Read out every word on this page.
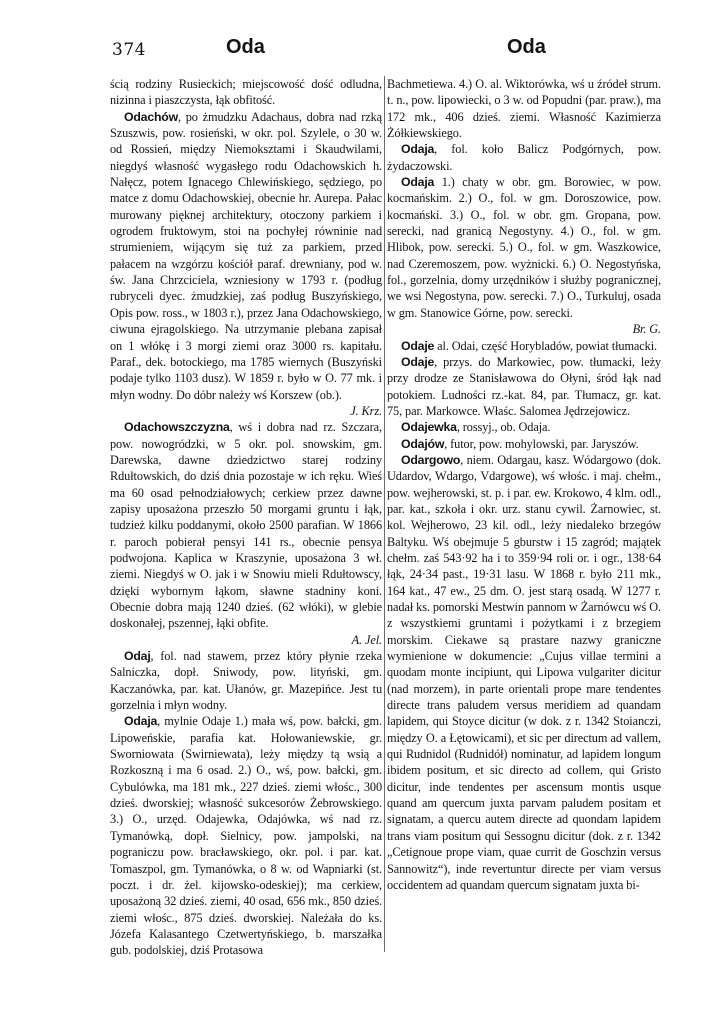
374	Oda	Oda

ścią rodziny Rusieckich; miejscowość dość odludna, nizinna i piaszczysta, łąk obfitość.

Odachów, po żmudzku Adachaus, dobra nad rzką Szuszwis, pow. rosieński, w okr. pol. Szylele, o 30 w. od Rossień, między Niemoksztami i Skaudwilami, niegdyś własność wygasłego rodu Odachowskich h. Nałęcz, potem Ignacego Chlewińskiego, sędziego, po matce z domu Odachowskiej, obecnie hr. Aurepa. Pałac murowany pięknej architektury, otoczony parkiem i ogrodem fruktowym, stoi na pochyłej równinie nad strumieniem, wijącym się tuż za parkiem, przed pałacem na wzgórzu kościół paraf. drewniany, pod w. św. Jana Chrzciciela, wzniesiony w 1793 r. (podług rubryceli dyec. żmudzkiej, zaś podług Buszyńskiego, Opis pow. ross., w 1803 r.), przez Jana Odachowskiego, ciwuna ejragolskiego. Na utrzymanie plebana zapisał on 1 włókę i 3 morgi ziemi oraz 3000 rs. kapitału. Paraf., dek. botockiego, ma 1785 wiernych (Buszyński podaje tylko 1103 dusz). W 1859 r. było w O. 77 mk. i młyn wodny. Do dóbr należy wś Korszew (ob.).

J. Krz.

Odachowszczyzna, wś i dobra nad rz. Szczara, pow. nowogródzki, w 5 okr. pol. snowskim, gm. Darewska, dawne dziedzictwo starej rodziny Rdułtowskich, do dziś dnia pozostaje w ich ręku. Wieś ma 60 osad pełnodziałowych; cerkiew przez dawne zapisy uposażona przeszło 50 morgami gruntu i łąk, tudzież kilku poddanymi, około 2500 parafian. W 1866 r. paroch pobierał pensyi 141 rs., obecnie pensya podwojona. Kaplica w Kraszynie, uposażona 3 wł. ziemi. Niegdyś w O. jak i w Snowiu mieli Rdułtowscy, dzięki wybornym łąkom, sławne stadniny koni. Obecnie dobra mają 1240 dzieś. (62 włóki), w glebie doskonałej, pszennej, łąki obfite.

A. Jel.

Odaj, fol. nad stawem, przez który płynie rzeka Salniczka, dopł. Sniwody, pow. lityński, gm. Kaczanówka, par. kat. Ułanów, gr. Mazepińce. Jest tu gorzelnia i młyn wodny.

Odaja, mylnie Odaje 1.) mała wś, pow. bałcki, gm. Lipoweńskie, parafia kat. Hołowaniewskie, gr. Sworniowata (Swirniewata), leży między tą wsią a Rozkoszną i ma 6 osad. 2.) O., wś, pow. bałcki, gm. Cybulówka, ma 181 mk., 227 dzieś. ziemi włośc., 300 dzieś. dworskiej; własność sukcesorów Żebrowskiego. 3.) O., urzęd. Odajewka, Odajówka, wś nad rz. Tymanówką, dopł. Sielnicy, pow. jampolski, na pograniczu pow. bracławskiego, okr. pol. i par. kat. Tomaszpol, gm. Tymanówka, o 8 w. od Wapniarki (st. poczt. i dr. żel. kijowsko-odeskiej); ma cerkiew, uposażoną 32 dzieś. ziemi, 40 osad, 656 mk., 850 dzieś. ziemi włośc., 875 dzieś. dworskiej. Należała do ks. Józefa Kalasantego Czetwertyńskiego, b. marszałka gub. podolskiej, dziś Protasowa

Bachmetiewa. 4.) O. al. Wiktorówka, wś u źródeł strum. t. n., pow. lipowiecki, o 3 w. od Popudni (par. praw.), ma 172 mk., 406 dzieś. ziemi. Własność Kazimierza Żółkiewskiego.

Odaja, fol. koło Balicz Podgórnych, pow. żydaczowski.

Odaja 1.) chaty w obr. gm. Borowiec, w pow. kocmańskim. 2.) O., fol. w gm. Doroszowice, pow. kocmański. 3.) O., fol. w obr. gm. Gropana, pow. serecki, nad granicą Negostyny. 4.) O., fol. w gm. Hlibok, pow. serecki. 5.) O., fol. w gm. Waszkowice, nad Czeremoszem, pow. wyżnicki. 6.) O. Negostyńska, fol., gorzelnia, domy urzędników i służby pogranicznej, we wsi Negostyna, pow. serecki. 7.) O., Turkuluj, osada w gm. Stanowice Górne, pow. serecki.

Br. G.

Odaje al. Odai, część Horybladów, powiat tłumacki.

Odaje, przys. do Markowiec, pow. tłumacki, leży przy drodze ze Stanisławowa do Ołyni, śród łąk nad potokiem. Ludności rz.-kat. 84, par. Tłumacz, gr. kat. 75, par. Markowce. Właśc. Salomea Jędrzejowicz.

Odajewka, rossyj., ob. Odaja.

Odajów, futor, pow. mohylowski, par. Jaryszów.

Odargowo, niem. Odargau, kasz. Wódargowo (dok. Udardov, Wdargo, Vdargowe), wś włośc. i maj. chełm., pow. wejherowski, st. p. i par. ew. Krokowo, 4 klm. odl., par. kat., szkoła i okr. urz. stanu cywil. Żarnowiec, st. kol. Wejherowo, 23 kil. odl., leży niedaleko brzegów Baltyku. Wś obejmuje 5 gburstw i 15 zagród; majątek chełm. zaś 543·92 ha i to 359·94 roli or. i ogr., 138·64 łąk, 24·34 past., 19·31 lasu. W 1868 r. było 211 mk., 164 kat., 47 ew., 25 dm. O. jest starą osadą. W 1277 r. nadał ks. pomorski Mestwin pannom w Żarnówcu wś O. z wszystkiemi gruntami i pożytkami i z brzegiem morskim. Ciekawe są prastare nazwy graniczne wymienione w dokumencie: „Cujus villae termini a quodam monte incipiunt, qui Lipowa vulgariter dicitur (nad morzem), in parte orientali prope mare tendentes directe trans paludem versus meridiem ad quandam lapidem, qui Stoyce dicitur (w dok. z r. 1342 Stoianczi, między O. a Łętowicami), et sic per directum ad vallem, qui Rudnidol (Rudnidół) nominatur, ad lapidem longum ibidem positum, et sic directo ad collem, qui Gristo dicitur, inde tendentes per ascensum montis usque quand am quercum juxta parvam paludem positam et signatam, a quercu autem directe ad quondam lapidem trans viam positum qui Sessognu dicitur (dok. z r. 1342 „Cetignoue prope viam, quae currit de Goschzin versus Sannowitz“), inde revertuntur directe per viam versus occidentem ad quandam quercum signatam juxta bi-
